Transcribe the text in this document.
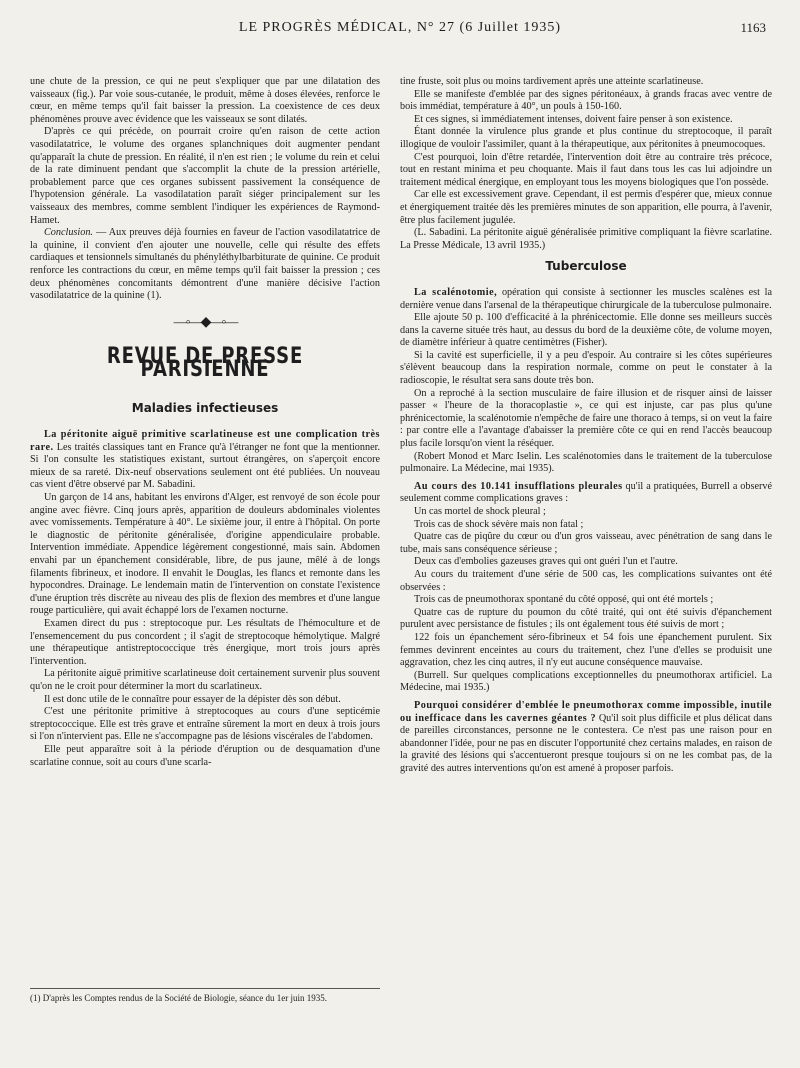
LE PROGRÈS MÉDICAL, N° 27 (6 Juillet 1935)	1163

une chute de la pression, ce qui ne peut s'expliquer que par une dilatation des vaisseaux (fig.). Par voie sous-cutanée, le produit, même à doses élevées, renforce le cœur, en même temps qu'il fait baisser la pression. La coexistence de ces deux phénomènes prouve avec évidence que les vaisseaux se sont dilatés.

D'après ce qui précède, on pourrait croire qu'en raison de cette action vasodilatatrice, le volume des organes splanchniques doit augmenter pendant qu'apparaît la chute de pression. En réalité, il n'en est rien ; le volume du rein et celui de la rate diminuent pendant que s'accomplit la chute de la pression artérielle, probablement parce que ces organes subissent passivement la conséquence de l'hypotension générale. La vasodilatation paraît siéger principalement sur les vaisseaux des membres, comme semblent l'indiquer les expériences de Raymond-Hamet.

Conclusion. — Aux preuves déjà fournies en faveur de l'action vasodilatatrice de la quinine, il convient d'en ajouter une nouvelle, celle qui résulte des effets cardiaques et tensionnels simultanés du phényléthylbarbiturate de quinine. Ce produit renforce les contractions du cœur, en même temps qu'il fait baisser la pression ; ces deux phénomènes concomitants démontrent d'une manière décisive l'action vasodilatatrice de la quinine (1).

—◦—◆—◦—
REVUE DE PRESSE PARISIENNE
Maladies infectieuses

La péritonite aiguë primitive scarlatineuse est une complication très rare. Les traités classiques tant en France qu'à l'étranger ne font que la mentionner. Si l'on consulte les statistiques existant, surtout étrangères, on s'aperçoit encore mieux de sa rareté. Dix-neuf observations seulement ont été publiées. Un nouveau cas vient d'être observé par M. Sabadini.

Un garçon de 14 ans, habitant les environs d'Alger, est renvoyé de son école pour angine avec fièvre. Cinq jours après, apparition de douleurs abdominales violentes avec vomissements. Température à 40°. Le sixième jour, il entre à l'hôpital. On porte le diagnostic de péritonite généralisée, d'origine appendiculaire probable. Intervention immédiate. Appendice légèrement congestionné, mais sain. Abdomen envahi par un épanchement considérable, libre, de pus jaune, mêlé à de longs filaments fibrineux, et inodore. Il envahit le Douglas, les flancs et remonte dans les hypocondres. Drainage. Le lendemain matin de l'intervention on constate l'existence d'une éruption très discrète au niveau des plis de flexion des membres et d'une langue rouge particulière, qui avait échappé lors de l'examen nocturne.

Examen direct du pus : streptocoque pur. Les résultats de l'hémoculture et de l'ensemencement du pus concordent ; il s'agit de streptocoque hémolytique. Malgré une thérapeutique antistreptococcique très énergique, mort trois jours après l'intervention.

La péritonite aiguë primitive scarlatineuse doit certainement survenir plus souvent qu'on ne le croit pour déterminer la mort du scarlatineux.

Il est donc utile de le connaître pour essayer de la dépister dès son début.

C'est une péritonite primitive à streptocoques au cours d'une septicémie streptococcique. Elle est très grave et entraîne sûrement la mort en deux à trois jours si l'on n'intervient pas. Elle ne s'accompagne pas de lésions viscérales de l'abdomen.

Elle peut apparaître soit à la période d'éruption ou de desquamation d'une scarlatine connue, soit au cours d'une scarla-

(1) D'après les Comptes rendus de la Société de Biologie, séance du 1er juin 1935.

tine fruste, soit plus ou moins tardivement après une atteinte scarlatineuse.

Elle se manifeste d'emblée par des signes péritonéaux, à grands fracas avec ventre de bois immédiat, température à 40°, un pouls à 150-160.

Et ces signes, si immédiatement intenses, doivent faire penser à son existence.

Étant donnée la virulence plus grande et plus continue du streptocoque, il paraît illogique de vouloir l'assimiler, quant à la thérapeutique, aux péritonites à pneumocoques.

C'est pourquoi, loin d'être retardée, l'intervention doit être au contraire très précoce, tout en restant minima et peu choquante. Mais il faut dans tous les cas lui adjoindre un traitement médical énergique, en employant tous les moyens biologiques que l'on possède.

Car elle est excessivement grave. Cependant, il est permis d'espérer que, mieux connue et énergiquement traitée dès les premières minutes de son apparition, elle pourra, à l'avenir, être plus facilement jugulée.

(L. Sabadini. La péritonite aiguë généralisée primitive compliquant la fièvre scarlatine. La Presse Médicale, 13 avril 1935.)

Tuberculose

La scalénotomie, opération qui consiste à sectionner les muscles scalènes est la dernière venue dans l'arsenal de la thérapeutique chirurgicale de la tuberculose pulmonaire.

Elle ajoute 50 p. 100 d'efficacité à la phrénicectomie. Elle donne ses meilleurs succès dans la caverne située très haut, au dessus du bord de la deuxième côte, de volume moyen, de diamètre inférieur à quatre centimètres (Fisher).

Si la cavité est superficielle, il y a peu d'espoir. Au contraire si les côtes supérieures s'élèvent beaucoup dans la respiration normale, comme on peut le constater à la radioscopie, le résultat sera sans doute très bon.

On a reproché à la section musculaire de faire illusion et de risquer ainsi de laisser passer « l'heure de la thoracoplastie », ce qui est injuste, car pas plus qu'une phrénicectomie, la scalénotomie n'empêche de faire une thoraco à temps, si on veut la faire : par contre elle a l'avantage d'abaisser la première côte ce qui en rend l'accès beaucoup plus facile lorsqu'on vient la réséquer.

(Robert Monod et Marc Iselin. Les scalénotomies dans le traitement de la tuberculose pulmonaire. La Médecine, mai 1935).

Au cours des 10.141 insufflations pleurales qu'il a pratiquées, Burrell a observé seulement comme complications graves :

Un cas mortel de shock pleural ;

Trois cas de shock sévère mais non fatal ;

Quatre cas de piqûre du cœur ou d'un gros vaisseau, avec pénétration de sang dans le tube, mais sans conséquence sérieuse ;

Deux cas d'embolies gazeuses graves qui ont guéri l'un et l'autre.

Au cours du traitement d'une série de 500 cas, les complications suivantes ont été observées :

Trois cas de pneumothorax spontané du côté opposé, qui ont été mortels ;

Quatre cas de rupture du poumon du côté traité, qui ont été suivis d'épanchement purulent avec persistance de fistules ; ils ont également tous été suivis de mort ;

122 fois un épanchement séro-fibrineux et 54 fois une épanchement purulent. Six femmes devinrent enceintes au cours du traitement, chez l'une d'elles se produisit une aggravation, chez les cinq autres, il n'y eut aucune conséquence mauvaise.

(Burrell. Sur quelques complications exceptionnelles du pneumothorax artificiel. La Médecine, mai 1935.)

Pourquoi considérer d'emblée le pneumothorax comme impossible, inutile ou inefficace dans les cavernes géantes ? Qu'il soit plus difficile et plus délicat dans de pareilles circonstances, personne ne le contestera. Ce n'est pas une raison pour en abandonner l'idée, pour ne pas en discuter l'opportunité chez certains malades, en raison de la gravité des lésions qui s'accentueront presque toujours si on ne les combat pas, de la gravité des autres interventions qu'on est amené à proposer parfois.
